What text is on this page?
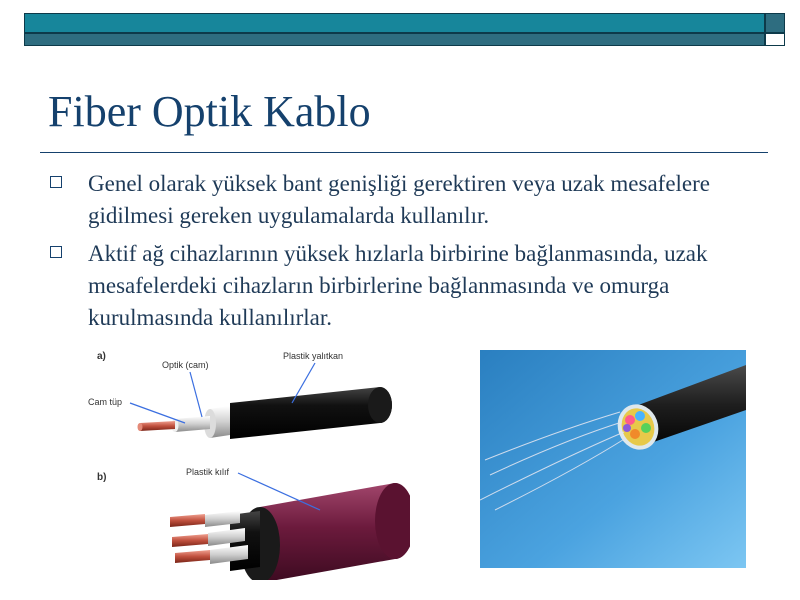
Fiber Optik Kablo
Genel olarak yüksek bant genişliği gerektiren veya uzak mesafelere gidilmesi gereken uygulamalarda kullanılır.
Aktif ağ cihazlarının yüksek hızlarla birbirine bağlanmasında, uzak mesafelerdeki cihazların birbirlerine bağlanmasında ve omurga kurulmasında kullanılırlar.
a)
Optik (cam)
Plastik yalıtkan
Cam tüp
b)	Plastik kılıf
